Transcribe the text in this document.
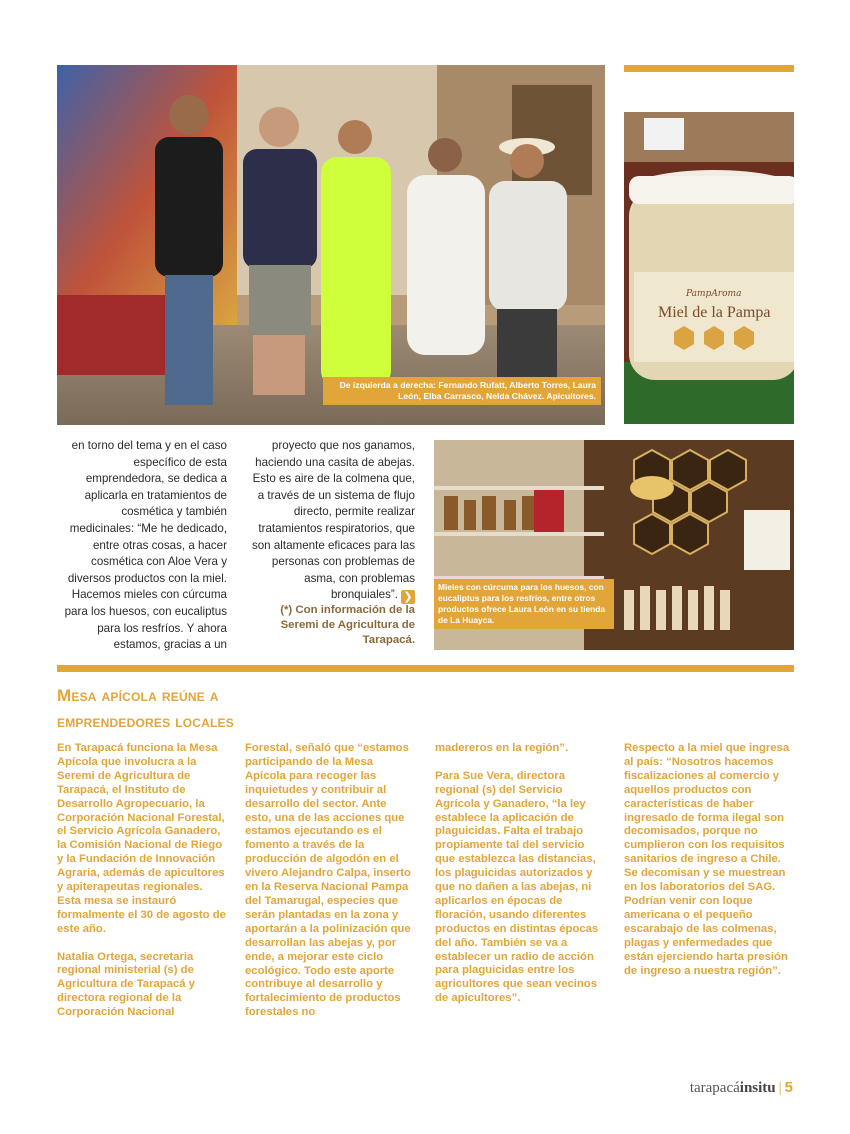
De izquierda a derecha: Fernando Rufatt, Alberto Torres, Laura León, Elba Carrasco, Nelda Chávez. Apicultores.
PampAroma
Miel de la Pampa
Mieles con cúrcuma para los huesos, con eucaliptus para los resfríos, entre otros productos ofrece Laura León en su tienda de La Huayca.

en torno del tema y en el caso específico de esta emprendedora, se dedica a aplicarla en tratamientos de cosmética y también medicinales: “Me he dedicado, entre otras cosas, a hacer cosmética con Aloe Vera y diversos productos con la miel. Hacemos mieles con cúrcuma para los huesos, con eucaliptus para los resfríos. Y ahora estamos, gracias a un

proyecto que nos ganamos, haciendo una casita de abejas. Esto es aire de la colmena que, a través de un sistema de flujo directo, permite realizar tratamientos respiratorios, que son altamente eficaces para las personas con problemas de asma, con problemas bronquiales”. ❯

(*) Con información de la Seremi de Agricultura de Tarapacá.
Mesa apícola reúne a
emprendedores locales

En Tarapacá funciona la Mesa Apícola que involucra a la Seremi de Agricultura de Tarapacá, el Instituto de Desarrollo Agropecuario, la Corporación Nacional Forestal, el Servicio Agrícola Ganadero, la Comisión Nacional de Riego y la Fundación de Innovación Agraria, además de apicultores y apiterapeutas regionales. Esta mesa se instauró formalmente el 30 de agosto de este año.

Natalia Ortega, secretaria regional ministerial (s) de Agricultura de Tarapacá y directora regional de la Corporación Nacional

Forestal, señaló que “estamos participando de la Mesa Apícola para recoger las inquietudes y contribuir al desarrollo del sector. Ante esto, una de las acciones que estamos ejecutando es el fomento a través de la producción de algodón en el vivero Alejandro Calpa, inserto en la Reserva Nacional Pampa del Tamarugal, especies que serán plantadas en la zona y aportarán a la polinización que desarrollan las abejas y, por ende, a mejorar este ciclo ecológico. Todo este aporte contribuye al desarrollo y fortalecimiento de productos forestales no

madereros en la región”.

Para Sue Vera, directora regional (s) del Servicio Agrícola y Ganadero, “la ley establece la aplicación de plaguicidas. Falta el trabajo propiamente tal del servicio que establezca las distancias, los plaguicidas autorizados y que no dañen a las abejas, ni aplicarlos en épocas de floración, usando diferentes productos en distintas épocas del año. También se va a establecer un radio de acción para plaguicidas entre los agricultores que sean vecinos de apicultores”.

Respecto a la miel que ingresa al país: “Nosotros hacemos fiscalizaciones al comercio y aquellos productos con características de haber ingresado de forma ilegal son decomisados, porque no cumplieron con los requisitos sanitarios de ingreso a Chile. Se decomisan y se muestrean en los laboratorios del SAG. Podrían venir con loque americana o el pequeño escarabajo de las colmenas, plagas y enfermedades que están ejerciendo harta presión de ingreso a nuestra región”.

tarapacáinsitu | 5
